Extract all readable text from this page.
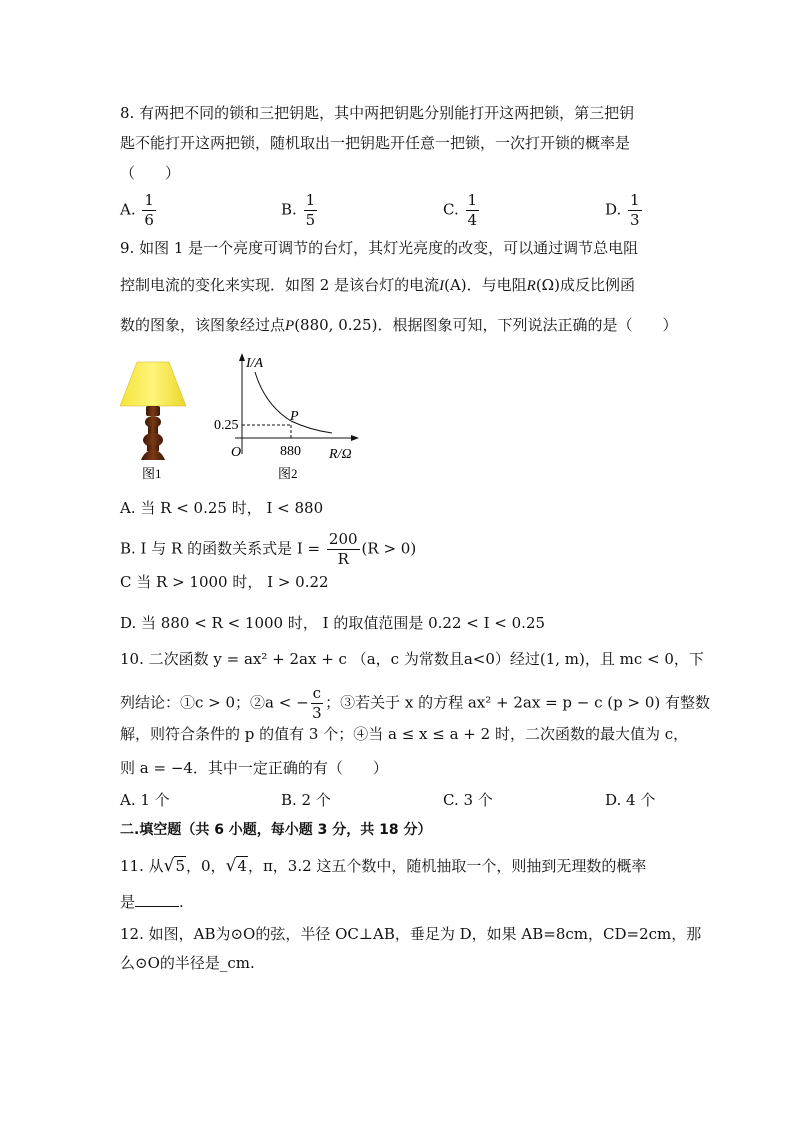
8. 有两把不同的锁和三把钥匙，其中两把钥匙分别能打开这两把锁，第三把钥
匙不能打开这两把锁，随机取出一把钥匙开任意一把锁，一次打开锁的概率是
（　　）
A. $\frac{1}{6}$	B. $\frac{1}{5}$	C. $\frac{1}{4}$	D. $\frac{1}{3}$
9. 如图 1 是一个亮度可调节的台灯，其灯光亮度的改变，可以通过调节总电阻
控制电流的变化来实现．如图 2 是该台灯的电流I(A)．与电阻R(Ω)成反比例函
数的图象，该图象经过点P(880, 0.25)．根据图象可知，下列说法正确的是（　　）
图1
I/A
P
0.25
O	880 R/Ω
图2
A. 当 R < 0.25 时， I < 880
B. I 与 R 的函数关系式是 $I = \frac{200}{R} (R > 0)$
C 当 R > 1000 时， I > 0.22
D. 当 880 < R < 1000 时， I 的取值范围是 0.22 < I < 0.25
10. 二次函数 y = ax² + 2ax + c （a，c 为常数且a<0）经过(1, m)，且 mc < 0，下
列结论：①c > 0；②a < − $\frac{c}{3}$ ；③若关于 x 的方程 ax² + 2ax = p − c (p > 0) 有整数
解，则符合条件的 p 的值有 3 个；④当 a ≤ x ≤ a + 2 时，二次函数的最大值为 c，
则 a = −4．其中一定正确的有（　　）
A. 1 个	B. 2 个	C. 3 个	D. 4 个
二.填空题（共 6 小题，每小题 3 分，共 18 分）
11. 从√5，0，√4，π，3.2 这五个数中，随机抽取一个，则抽到无理数的概率
是	.
12. 如图，AB为⊙O的弦，半径 OC⊥AB，垂足为 D，如果 AB=8cm，CD=2cm，那
么⊙O的半径是_cm.
